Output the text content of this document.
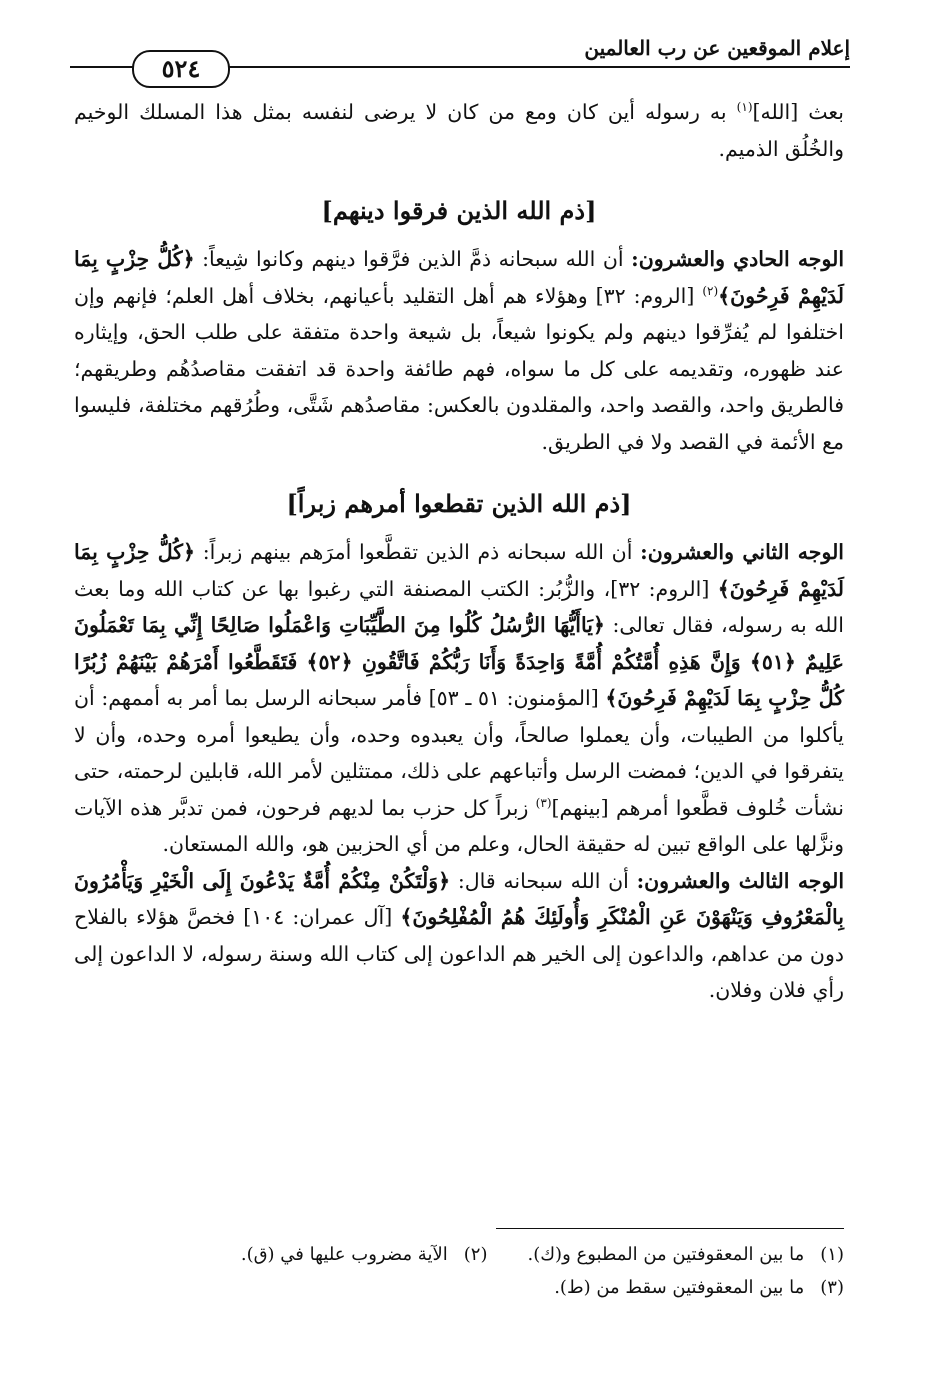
إعلام الموقعين عن رب العالمين
٥٢٤

بعث [الله]$^{(١)}$ به رسوله أين كان ومع من كان لا يرضى لنفسه بمثل هذا المسلك الوخيم والخُلُق الذميم.

[ذم الله الذين فرقوا دينهم]

الوجه الحادي والعشرون: أن الله سبحانه ذمَّ الذين فرَّقوا دينهم وكانوا شِيعاً: ﴿كُلُّ حِزْبٍ بِمَا لَدَيْهِمْ فَرِحُونَ﴾$^{(٢)}$ [الروم: ٣٢] وهؤلاء هم أهل التقليد بأعيانهم، بخلاف أهل العلم؛ فإنهم وإن اختلفوا لم يُفرِّقوا دينهم ولم يكونوا شيعاً، بل شيعة واحدة متفقة على طلب الحق، وإيثاره عند ظهوره، وتقديمه على كل ما سواه، فهم طائفة واحدة قد اتفقت مقاصدُهُم وطريقهم؛ فالطريق واحد، والقصد واحد، والمقلدون بالعكس: مقاصدُهم شَتَّى، وطُرُقهم مختلفة، فليسوا مع الأئمة في القصد ولا في الطريق.

[ذم الله الذين تقطعوا أمرهم زبراً]

الوجه الثاني والعشرون: أن الله سبحانه ذم الذين تقطَّعوا أمرَهم بينهم زبراً: ﴿كُلُّ حِزْبٍ بِمَا لَدَيْهِمْ فَرِحُونَ﴾ [الروم: ٣٢]، والزُّبُر: الكتب المصنفة التي رغبوا بها عن كتاب الله وما بعث الله به رسوله، فقال تعالى: ﴿يَاأَيُّهَا الرُّسُلُ كُلُوا مِنَ الطَّيِّبَاتِ وَاعْمَلُوا صَالِحًا إِنِّي بِمَا تَعْمَلُونَ عَلِيمٌ ﴿٥١﴾ وَإِنَّ هَذِهِ أُمَّتُكُمْ أُمَّةً وَاحِدَةً وَأَنَا رَبُّكُمْ فَاتَّقُونِ ﴿٥٢﴾ فَتَقَطَّعُوا أَمْرَهُمْ بَيْنَهُمْ زُبُرًا كُلُّ حِزْبٍ بِمَا لَدَيْهِمْ فَرِحُونَ﴾ [المؤمنون: ٥١ ـ ٥٣] فأمر سبحانه الرسل بما أمر به أممهم: أن يأكلوا من الطيبات، وأن يعملوا صالحاً، وأن يعبدوه وحده، وأن يطيعوا أمره وحده، وأن لا يتفرقوا في الدين؛ فمضت الرسل وأتباعهم على ذلك، ممتثلين لأمر الله، قابلين لرحمته، حتى نشأت خُلوف قطَّعوا أمرهم [بينهم]$^{(٣)}$ زبراً كل حزب بما لديهم فرحون، فمن تدبَّر هذه الآيات ونزَّلها على الواقع تبين له حقيقة الحال، وعلم من أي الحزبين هو، والله المستعان.

الوجه الثالث والعشرون: أن الله سبحانه قال: ﴿وَلْتَكُنْ مِنْكُمْ أُمَّةٌ يَدْعُونَ إِلَى الْخَيْرِ وَيَأْمُرُونَ بِالْمَعْرُوفِ وَيَنْهَوْنَ عَنِ الْمُنْكَرِ وَأُولَئِكَ هُمُ الْمُفْلِحُونَ﴾ [آل عمران: ١٠٤] فخصَّ هؤلاء بالفلاح دون من عداهم، والداعون إلى الخير هم الداعون إلى كتاب الله وسنة رسوله، لا الداعون إلى رأي فلان وفلان.

(١)ما بين المعقوفتين من المطبوع و(ك).(٢)الآية مضروب عليها في (ق).
(٣)ما بين المعقوفتين سقط من (ط).
